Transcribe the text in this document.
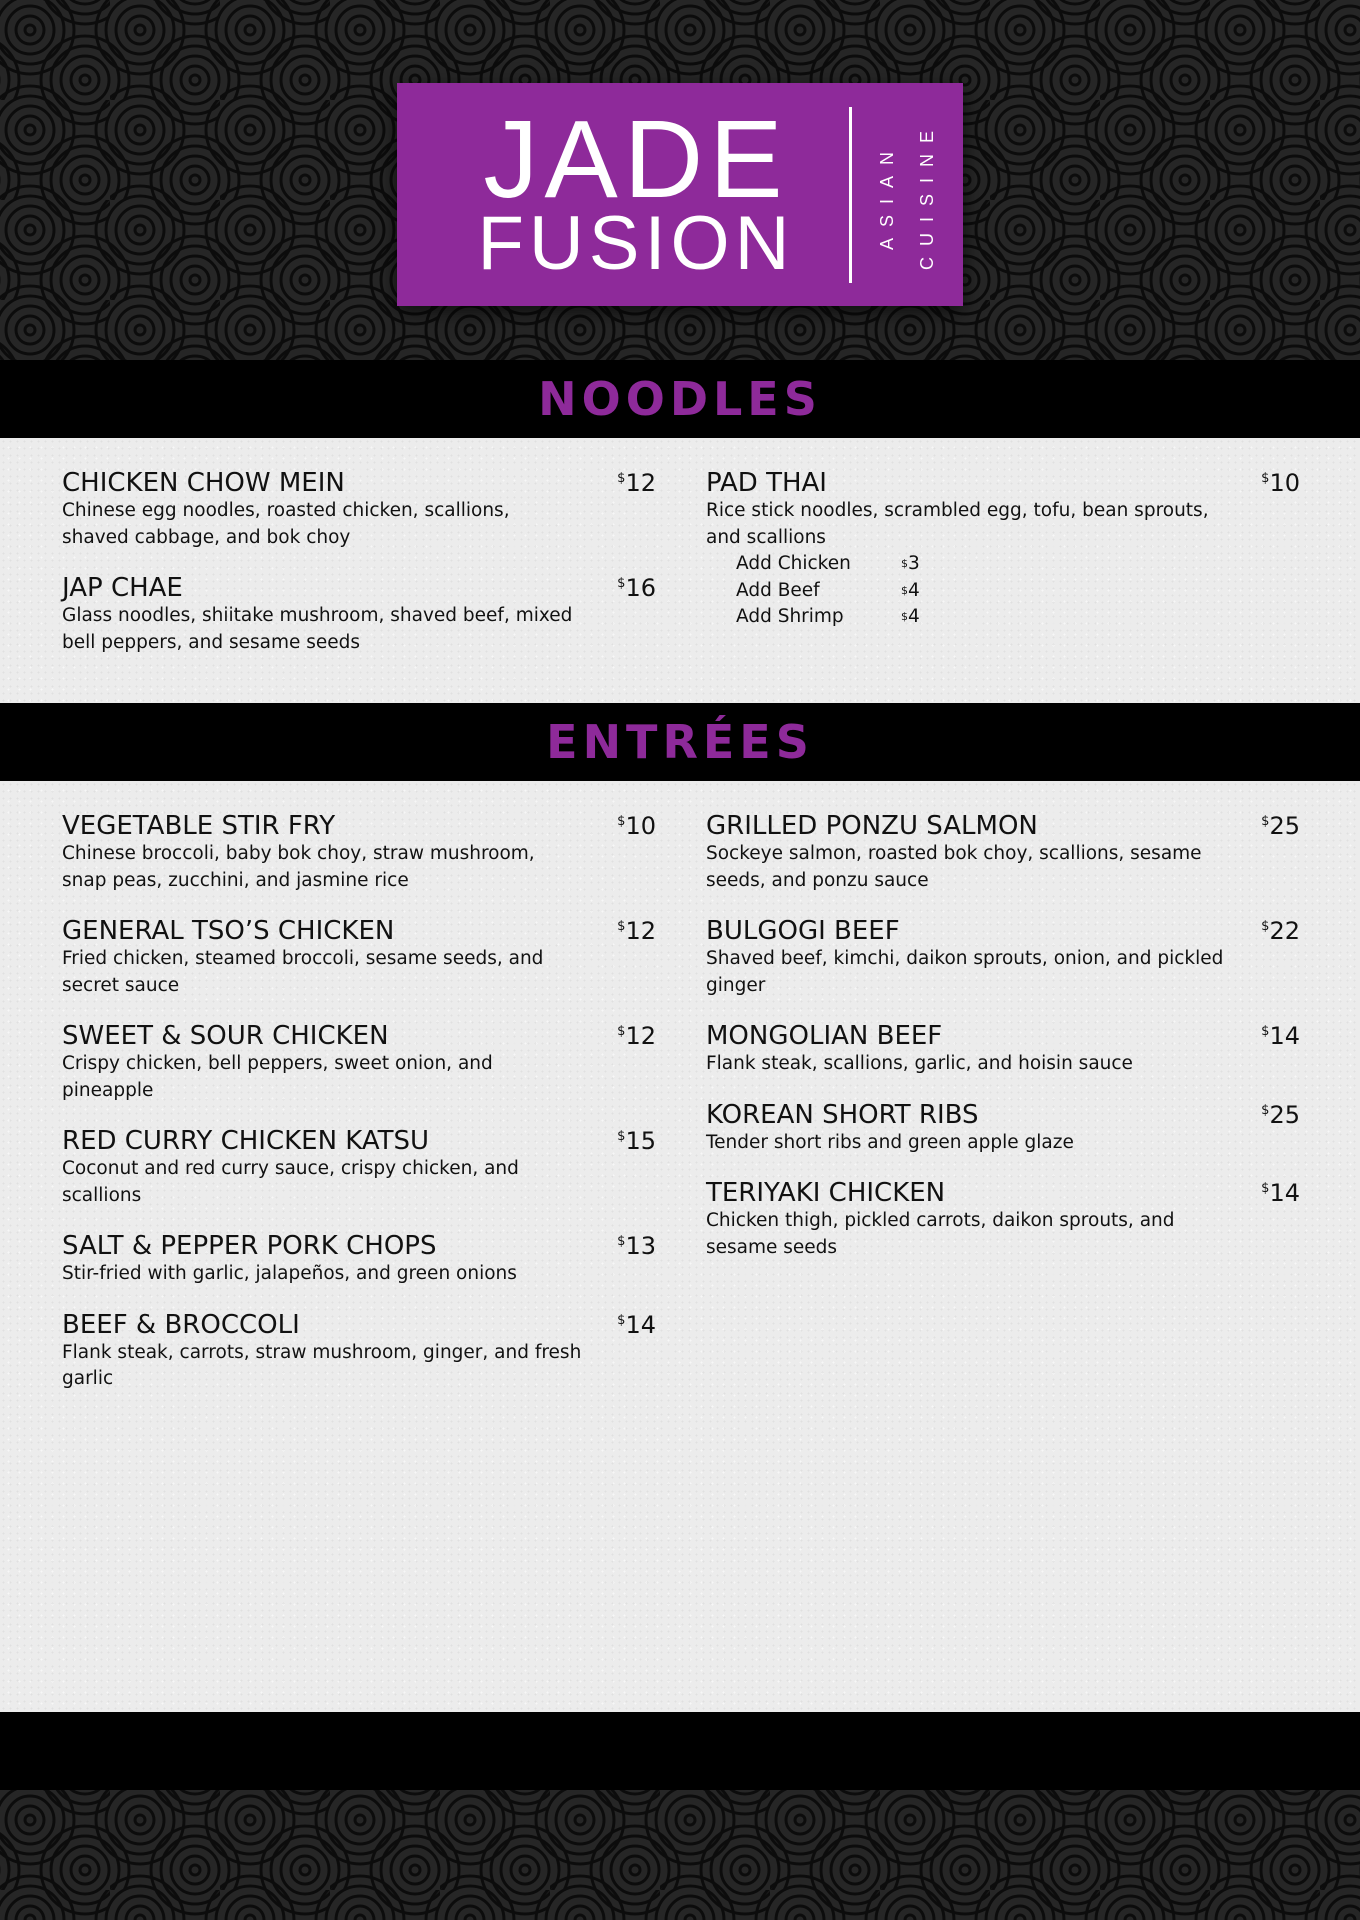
JADE
FUSION	ASIAN CUISINE
NOODLES
CHICKEN CHOW MEIN	$12
Chinese egg noodles, roasted chicken, scallions, shaved cabbage, and bok choy
JAP CHAE	$16
Glass noodles, shiitake mushroom, shaved beef, mixed bell peppers, and sesame seeds
PAD THAI	$10
Rice stick noodles, scrambled egg, tofu, bean sprouts, and scallions
Add Chicken	$3
Add Beef	$4
Add Shrimp	$4
ENTRÉES
VEGETABLE STIR FRY	$10
Chinese broccoli, baby bok choy, straw mushroom, snap peas, zucchini, and jasmine rice
GENERAL TSO’S CHICKEN	$12
Fried chicken, steamed broccoli, sesame seeds, and secret sauce
SWEET & SOUR CHICKEN	$12
Crispy chicken, bell peppers, sweet onion, and pineapple
RED CURRY CHICKEN KATSU	$15
Coconut and red curry sauce, crispy chicken, and scallions
SALT & PEPPER PORK CHOPS	$13
Stir-fried with garlic, jalapeños, and green onions
BEEF & BROCCOLI	$14
Flank steak, carrots, straw mushroom, ginger, and fresh garlic
GRILLED PONZU SALMON	$25
Sockeye salmon, roasted bok choy, scallions, sesame seeds, and ponzu sauce
BULGOGI BEEF	$22
Shaved beef, kimchi, daikon sprouts, onion, and pickled ginger
MONGOLIAN BEEF	$14
Flank steak, scallions, garlic, and hoisin sauce
KOREAN SHORT RIBS	$25
Tender short ribs and green apple glaze
TERIYAKI CHICKEN	$14
Chicken thigh, pickled carrots, daikon sprouts, and sesame seeds
